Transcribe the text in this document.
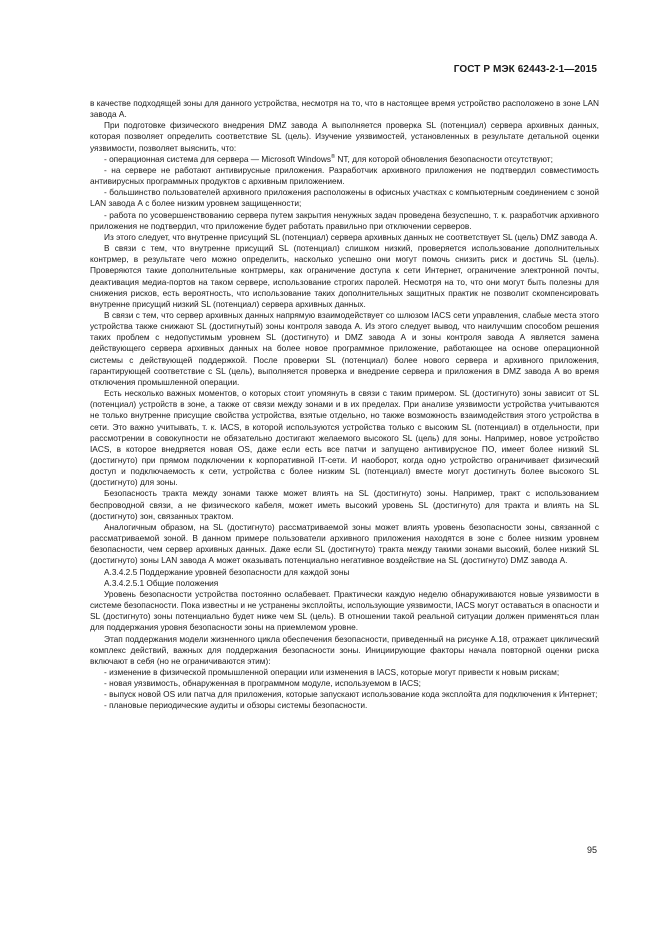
ГОСТ Р МЭК 62443-2-1—2015

в качестве подходящей зоны для данного устройства, несмотря на то, что в настоящее время устройство расположено в зоне LAN завода А.

При подготовке физического внедрения DMZ завода А выполняется проверка SL (потенциал) сервера архивных данных, которая позволяет определить соответствие SL (цель). Изучение уязвимостей, установленных в результате детальной оценки уязвимости, позволяет выяснить, что:

- операционная система для сервера — Microsoft Windows® NT, для которой обновления безопасности отсутствуют;

- на сервере не работают антивирусные приложения. Разработчик архивного приложения не подтвердил совместимость антивирусных программных продуктов с архивным приложением.

- большинство пользователей архивного приложения расположены в офисных участках с компьютерным соединением с зоной LAN завода А с более низким уровнем защищенности;

- работа по усовершенствованию сервера путем закрытия ненужных задач проведена безуспешно, т. к. разработчик архивного приложения не подтвердил, что приложение будет работать правильно при отключении серверов.

Из этого следует, что внутренне присущий SL (потенциал) сервера архивных данных не соответствует SL (цель) DMZ завода А.

В связи с тем, что внутренне присущий SL (потенциал) слишком низкий, проверяется использование дополнительных контрмер, в результате чего можно определить, насколько успешно они могут помочь снизить риск и достичь SL (цель). Проверяются такие дополнительные контрмеры, как ограничение доступа к сети Интернет, ограничение электронной почты, деактивация медиа-портов на таком сервере, использование строгих паролей. Несмотря на то, что они могут быть полезны для снижения рисков, есть вероятность, что использование таких дополнительных защитных практик не позволит скомпенсировать внутренне присущий низкий SL (потенциал) сервера архивных данных.

В связи с тем, что сервер архивных данных напрямую взаимодействует со шлюзом IACS сети управления, слабые места этого устройства также снижают SL (достигнутый) зоны контроля завода А. Из этого следует вывод, что наилучшим способом решения таких проблем с недопустимым уровнем SL (достигнуто) и DMZ завода А и зоны контроля завода А является замена действующего сервера архивных данных на более новое программное приложение, работающее на основе операционной системы с действующей поддержкой. После проверки SL (потенциал) более нового сервера и архивного приложения, гарантирующей соответствие с SL (цель), выполняется проверка и внедрение сервера и приложения в DMZ завода А во время отключения промышленной операции.

Есть несколько важных моментов, о которых стоит упомянуть в связи с таким примером. SL (достигнуто) зоны зависит от SL (потенциал) устройств в зоне, а также от связи между зонами и в их пределах. При анализе уязвимости устройства учитываются не только внутренне присущие свойства устройства, взятые отдельно, но также возможность взаимодействия этого устройства в сети. Это важно учитывать, т. к. IACS, в которой используются устройства только с высоким SL (потенциал) в отдельности, при рассмотрении в совокупности не обязательно достигают желаемого высокого SL (цель) для зоны. Например, новое устройство IACS, в которое внедряется новая OS, даже если есть все патчи и запущено антивирусное ПО, имеет более низкий SL (достигнуто) при прямом подключении к корпоративной IT-сети. И наоборот, когда одно устройство ограничивает физический доступ и подключаемость к сети, устройства с более низким SL (потенциал) вместе могут достигнуть более высокого SL (достигнуто) для зоны.

Безопасность тракта между зонами также может влиять на SL (достигнуто) зоны. Например, тракт с использованием беспроводной связи, а не физического кабеля, может иметь высокий уровень SL (достигнуто) для тракта и влиять на SL (достигнуто) зон, связанных трактом.

Аналогичным образом, на SL (достигнуто) рассматриваемой зоны может влиять уровень безопасности зоны, связанной с рассматриваемой зоной. В данном примере пользователи архивного приложения находятся в зоне с более низким уровнем безопасности, чем сервер архивных данных. Даже если SL (достигнуто) тракта между такими зонами высокий, более низкий SL (достигнуто) зоны LAN завода А может оказывать потенциально негативное воздействие на SL (достигнуто) DMZ завода А.

А.3.4.2.5 Поддержание уровней безопасности для каждой зоны

А.3.4.2.5.1 Общие положения

Уровень безопасности устройства постоянно ослабевает. Практически каждую неделю обнаруживаются новые уязвимости в системе безопасности. Пока известны и не устранены эксплойты, использующие уязвимости, IACS могут оставаться в опасности и SL (достигнуто) зоны потенциально будет ниже чем SL (цель). В отношении такой реальной ситуации должен применяться план для поддержания уровня безопасности зоны на приемлемом уровне.

Этап поддержания модели жизненного цикла обеспечения безопасности, приведенный на рисунке А.18, отражает циклический комплекс действий, важных для поддержания безопасности зоны. Инициирующие факторы начала повторной оценки риска включают в себя (но не ограничиваются этим):

- изменение в физической промышленной операции или изменения в IACS, которые могут привести к новым рискам;

- новая уязвимость, обнаруженная в программном модуле, используемом в IACS;

- выпуск новой OS или патча для приложения, которые запускают использование кода эксплойта для подключения к Интернет;

- плановые периодические аудиты и обзоры системы безопасности.

95
